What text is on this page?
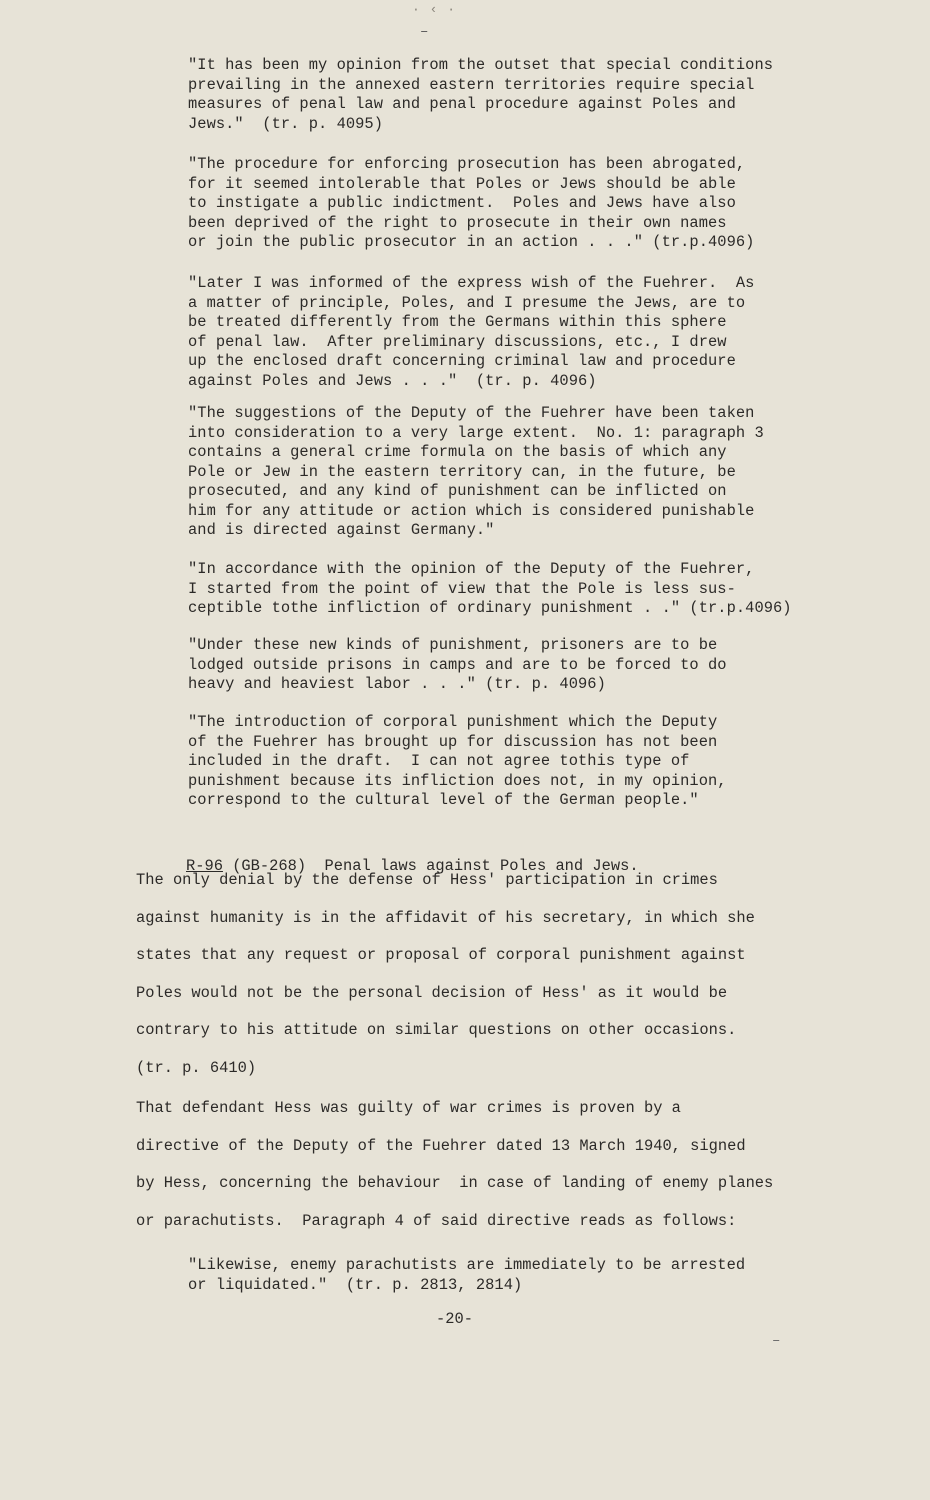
· ‹ ·
–
"It has been my opinion from the outset that special conditions
prevailing in the annexed eastern territories require special
measures of penal law and penal procedure against Poles and
Jews."  (tr. p. 4095)
"The procedure for enforcing prosecution has been abrogated,
for it seemed intolerable that Poles or Jews should be able
to instigate a public indictment.  Poles and Jews have also
been deprived of the right to prosecute in their own names
or join the public prosecutor in an action . . ." (tr.p.4096)
"Later I was informed of the express wish of the Fuehrer.  As
a matter of principle, Poles, and I presume the Jews, are to
be treated differently from the Germans within this sphere
of penal law.  After preliminary discussions, etc., I drew
up the enclosed draft concerning criminal law and procedure
against Poles and Jews . . ."  (tr. p. 4096)
"The suggestions of the Deputy of the Fuehrer have been taken
into consideration to a very large extent.  No. 1: paragraph 3
contains a general crime formula on the basis of which any
Pole or Jew in the eastern territory can, in the future, be
prosecuted, and any kind of punishment can be inflicted on
him for any attitude or action which is considered punishable
and is directed against Germany."
"In accordance with the opinion of the Deputy of the Fuehrer,
I started from the point of view that the Pole is less sus-
ceptible tothe infliction of ordinary punishment . ." (tr.p.4096)
"Under these new kinds of punishment, prisoners are to be
lodged outside prisons in camps and are to be forced to do
heavy and heaviest labor . . ." (tr. p. 4096)
"The introduction of corporal punishment which the Deputy
of the Fuehrer has brought up for discussion has not been
included in the draft.  I can not agree tothis type of
punishment because its infliction does not, in my opinion,
correspond to the cultural level of the German people."
R-96 (GB-268)  Penal laws against Poles and Jews.
The only denial by the defense of Hess' participation in crimes
against humanity is in the affidavit of his secretary, in which she
states that any request or proposal of corporal punishment against
Poles would not be the personal decision of Hess' as it would be
contrary to his attitude on similar questions on other occasions.
(tr. p. 6410)
That defendant Hess was guilty of war crimes is proven by a
directive of the Deputy of the Fuehrer dated 13 March 1940, signed
by Hess, concerning the behaviour  in case of landing of enemy planes
or parachutists.  Paragraph 4 of said directive reads as follows:
"Likewise, enemy parachutists are immediately to be arrested
or liquidated."  (tr. p. 2813, 2814)
-20-
–
